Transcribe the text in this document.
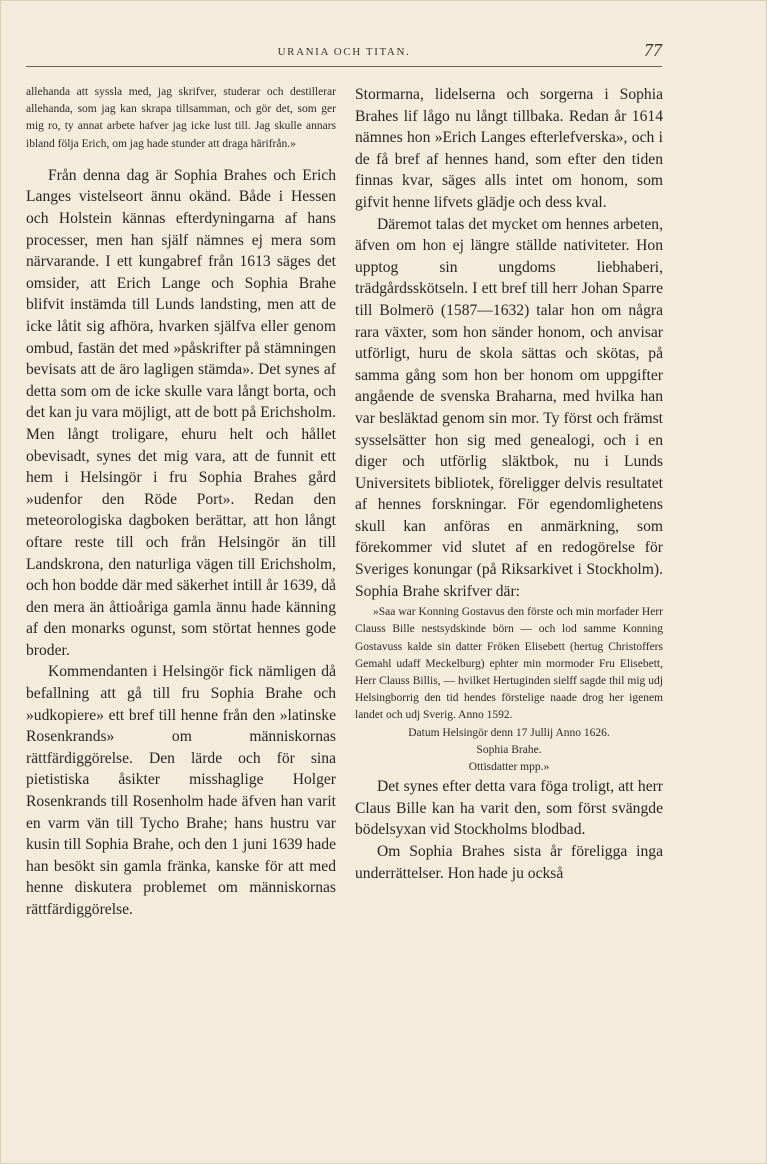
URANIA OCH TITAN.	77

allehanda att syssla med, jag skrifver, studerar och destillerar allehanda, som jag kan skrapa tillsamman, och gör det, som ger mig ro, ty annat arbete hafver jag icke lust till. Jag skulle annars ibland följa Erich, om jag hade stunder att draga härifrån.»

Från denna dag är Sophia Brahes och Erich Langes vistelseort ännu okänd. Både i Hessen och Holstein kännas efterdyningarna af hans processer, men han själf nämnes ej mera som närvarande. I ett kungabref från 1613 säges det omsider, att Erich Lange och Sophia Brahe blifvit instämda till Lunds landsting, men att de icke låtit sig afhöra, hvarken själfva eller genom ombud, fastän det med »påskrifter på stämningen bevisats att de äro lagligen stämda». Det synes af detta som om de icke skulle vara långt borta, och det kan ju vara möjligt, att de bott på Erichsholm. Men långt troligare, ehuru helt och hållet obevisadt, synes det mig vara, att de funnit ett hem i Helsingör i fru Sophia Brahes gård »udenfor den Röde Port». Redan den meteorologiska dagboken berättar, att hon långt oftare reste till och från Helsingör än till Landskrona, den naturliga vägen till Erichsholm, och hon bodde där med säkerhet intill år 1639, då den mera än åttioåriga gamla ännu hade känning af den monarks ogunst, som störtat hennes gode broder.

Kommendanten i Helsingör fick nämligen då befallning att gå till fru Sophia Brahe och »udkopiere» ett bref till henne från den »latinske Rosenkrands» om människornas rättfärdiggörelse. Den lärde och för sina pietistiska åsikter misshaglige Holger Rosenkrands till Rosenholm hade äfven han varit en varm vän till Tycho Brahe; hans hustru var kusin till Sophia Brahe, och den 1 juni 1639 hade han besökt sin gamla fränka, kanske för att med henne diskutera problemet om människornas rättfärdiggörelse.

Stormarna, lidelserna och sorgerna i Sophia Brahes lif lågo nu långt tillbaka. Redan år 1614 nämnes hon »Erich Langes efterlefverska», och i de få bref af hennes hand, som efter den tiden finnas kvar, säges alls intet om honom, som gifvit henne lifvets glädje och dess kval.

Däremot talas det mycket om hennes arbeten, äfven om hon ej längre ställde nativiteter. Hon upptog sin ungdoms liebhaberi, trädgårdsskötseln. I ett bref till herr Johan Sparre till Bolmerö (1587—1632) talar hon om några rara växter, som hon sänder honom, och anvisar utförligt, huru de skola sättas och skötas, på samma gång som hon ber honom om uppgifter angående de svenska Braharna, med hvilka han var besläktad genom sin mor. Ty först och främst sysselsätter hon sig med genealogi, och i en diger och utförlig släktbok, nu i Lunds Universitets bibliotek, föreligger delvis resultatet af hennes forskningar. För egendomlighetens skull kan anföras en anmärkning, som förekommer vid slutet af en redogörelse för Sveriges konungar (på Riksarkivet i Stockholm). Sophia Brahe skrifver där:

»Saa war Konning Gostavus den förste och min morfader Herr Clauss Bille nestsydskinde börn — och lod samme Konning Gostavuss kalde sin datter Fröken Elisebett (hertug Christoffers Gemahl udaff Meckelburg) ephter min mormoder Fru Elisebett, Herr Clauss Billis, — hvilket Hertuginden sielff sagde thil mig udj Helsingborrig den tid hendes förstelige naade drog her igenem landet och udj Sverig. Anno 1592.

Datum Helsingör denn 17 Jullij Anno 1626.

Sophia Brahe.

Ottisdatter mpp.»

Det synes efter detta vara föga troligt, att herr Claus Bille kan ha varit den, som först svängde bödelsyxan vid Stockholms blodbad.

Om Sophia Brahes sista år föreligga inga underrättelser. Hon hade ju också
